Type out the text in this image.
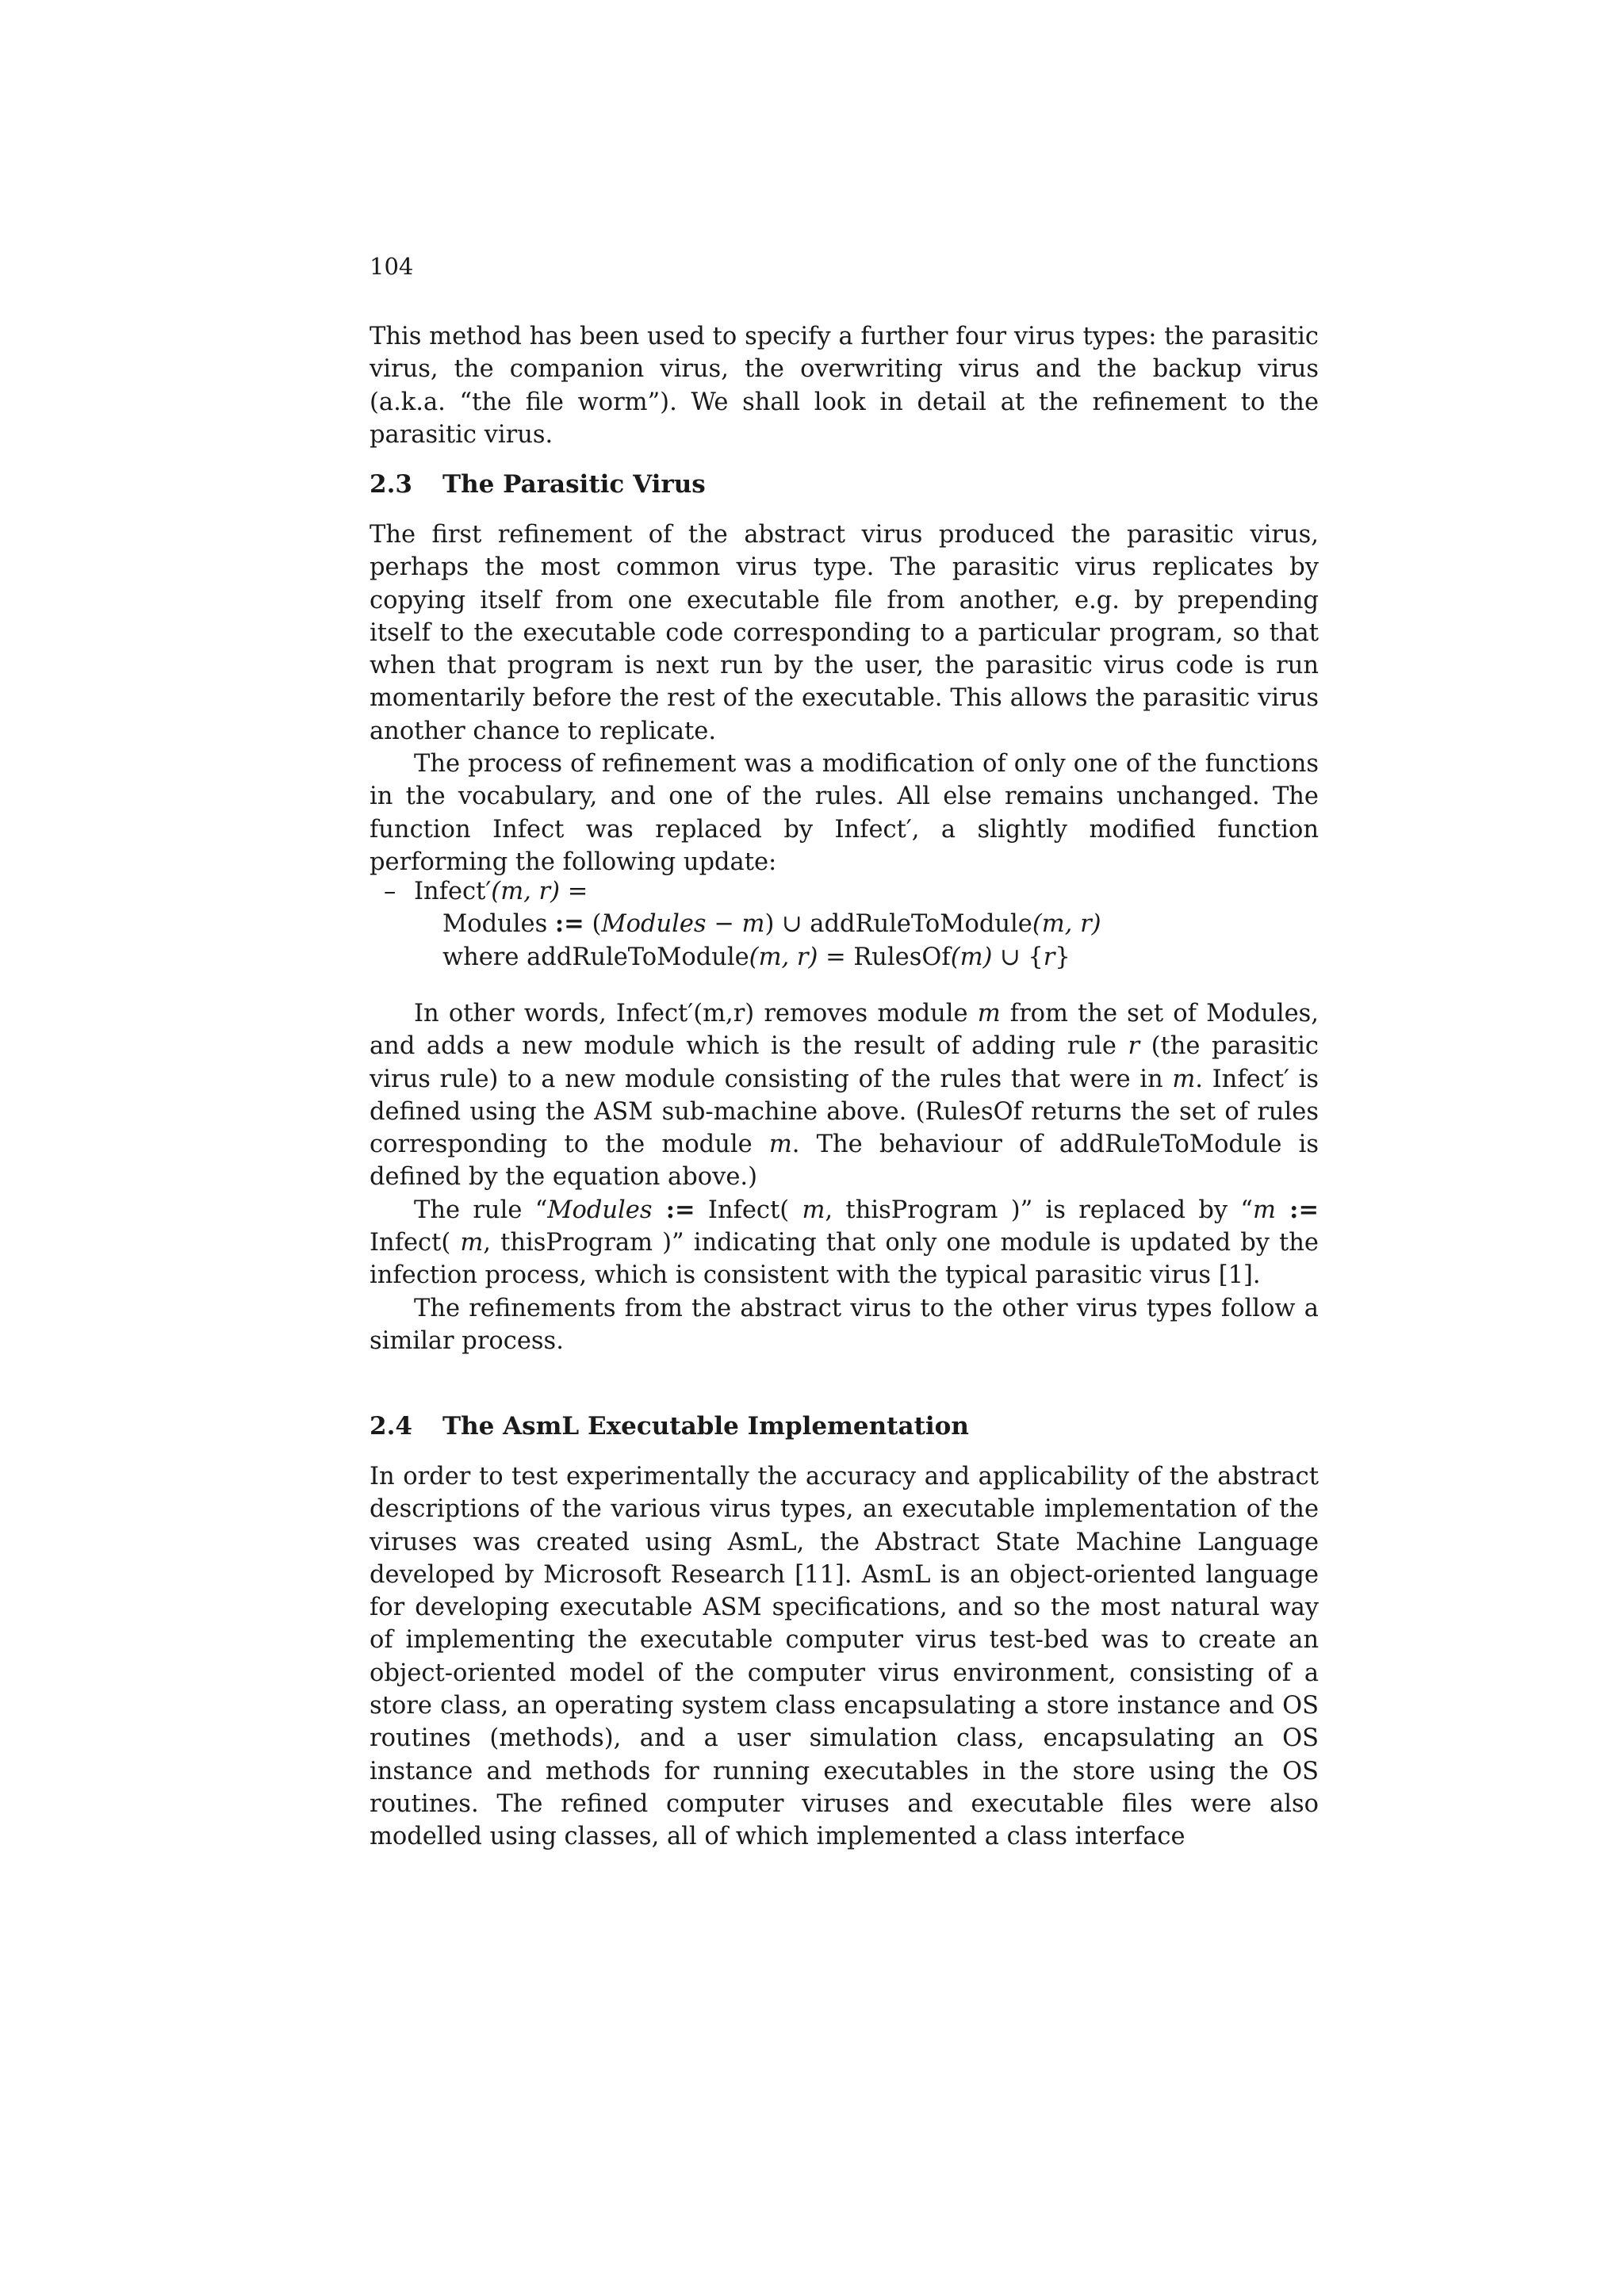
104

This method has been used to specify a further four virus types: the parasitic virus, the companion virus, the overwriting virus and the backup virus (a.k.a. “the file worm”). We shall look in detail at the refinement to the parasitic virus.

2.3 The Parasitic Virus

The first refinement of the abstract virus produced the parasitic virus, perhaps the most common virus type. The parasitic virus replicates by copying itself from one executable file from another, e.g. by prepending itself to the executable code corresponding to a particular program, so that when that program is next run by the user, the parasitic virus code is run momentarily before the rest of the executable. This allows the parasitic virus another chance to replicate.

The process of refinement was a modification of only one of the functions in the vocabulary, and one of the rules. All else remains unchanged. The function Infect was replaced by Infect′, a slightly modified function performing the following update:

– Infect′(m, r) =
Modules := (Modules − m) ∪ addRuleToModule(m, r)
where addRuleToModule(m, r) = RulesOf(m) ∪ {r}

In other words, Infect′(m,r) removes module m from the set of Modules, and adds a new module which is the result of adding rule r (the parasitic virus rule) to a new module consisting of the rules that were in m. Infect′ is defined using the ASM sub-machine above. (RulesOf returns the set of rules corresponding to the module m. The behaviour of addRuleToModule is defined by the equation above.)

The rule “Modules := Infect( m, thisProgram )” is replaced by “m := Infect( m, thisProgram )” indicating that only one module is updated by the infection process, which is consistent with the typical parasitic virus [1].

The refinements from the abstract virus to the other virus types follow a similar process.

2.4 The AsmL Executable Implementation

In order to test experimentally the accuracy and applicability of the abstract descriptions of the various virus types, an executable implementation of the viruses was created using AsmL, the Abstract State Machine Language developed by Microsoft Research [11]. AsmL is an object-oriented language for developing executable ASM specifications, and so the most natural way of implementing the executable computer virus test-bed was to create an object-oriented model of the computer virus environment, consisting of a store class, an operating system class encapsulating a store instance and OS routines (methods), and a user simulation class, encapsulating an OS instance and methods for running executables in the store using the OS routines. The refined computer viruses and executable files were also modelled using classes, all of which implemented a class interface
